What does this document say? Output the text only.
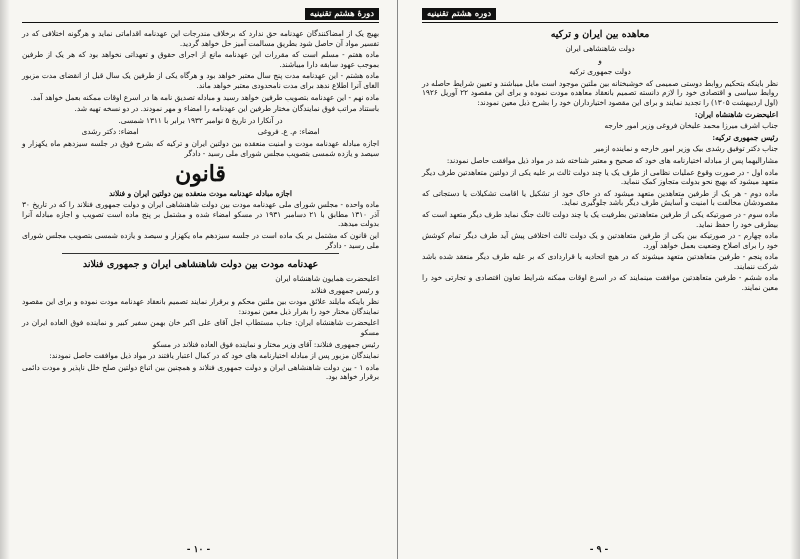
دورهٔ هشتم تقنینیه

بهیچ یک از امضاکنندگان عهدنامه حق ندارد که برخلاف مندرجات این عهدنامه اقداماتی نماید و هرگونه اختلافی که در تفسیر مواد آن حاصل شود بطریق مسالمت آمیز حل خواهد گردید.

ماده هفتم - مسلم است که مقررات این عهدنامه مانع از اجرای حقوق و تعهداتی نخواهد بود که هر یک از طرفین بموجب عهود سابقه دارا میباشند.

ماده هشتم - این عهدنامه مدت پنج سال معتبر خواهد بود و هرگاه یکی از طرفین یک سال قبل از انقضای مدت مزبور الغای آنرا اطلاع ندهد برای مدت نامحدودی معتبر خواهد ماند.

ماده نهم - این عهدنامه بتصویب طرفین خواهد رسید و مبادله تصدیق نامه ها در اسرع اوقات ممکنه بعمل خواهد آمد.

باستناد مراتب فوق نمایندگان مختار طرفین این عهدنامه را امضاء و مهر نمودند. در دو نسخه تهیه شد.

در آنکارا در تاریخ ۵ نوامبر ۱۹۳۲ برابر با ۱۳۱۱ شمسی.

امضاء: م. ع. فروغی
امضاء: دکتر رشدی

اجازه مبادله عهدنامه مودت و امنیت منعقده بین دولتین ایران و ترکیه که بشرح فوق در جلسه سیزدهم ماه یکهزار و سیصد و یازده شمسی بتصویب مجلس شورای ملی رسید - دادگر

قانون

اجازه مبادله عهدنامه مودت منعقده بین دولتین ایران و فنلاند

ماده واحده - مجلس شورای ملی عهدنامه مودت بین دولت شاهنشاهی ایران و دولت جمهوری فنلاند را که در تاریخ ۳۰ آذر ۱۳۱۰ مطابق با ۲۱ دسامبر ۱۹۳۱ در مسکو امضاء شده و مشتمل بر پنج ماده است تصویب و اجازه مبادله آنرا بدولت میدهد.

این قانون که مشتمل بر یک ماده است در جلسه سیزدهم ماه یکهزار و سیصد و یازده شمسی بتصویب مجلس شورای ملی رسید - دادگر

عهدنامه مودت بین دولت شاهنشاهی ایران و جمهوری فنلاند

اعلیحضرت همایون شاهنشاه ایران

و رئیس جمهوری فنلاند

نظر باینکه مایلند علائق مودت بین ملتین محکم و برقرار نمایند تصمیم بانعقاد عهدنامه مودت نموده و برای این مقصود نمایندگان مختار خود را بقرار ذیل معین نمودند:

اعلیحضرت شاهنشاه ایران: جناب مستطاب اجل آقای علی اکبر خان بهمن سفیر کبیر و نماینده فوق العاده ایران در مسکو

رئیس جمهوری فنلاند: آقای وزیر مختار و نماینده فوق العاده فنلاند در مسکو

نمایندگان مزبور پس از مبادله اختیارنامه های خود که در کمال اعتبار یافتند در مواد ذیل موافقت حاصل نمودند:

ماده ۱ - بین دولت شاهنشاهی ایران و دولت جمهوری فنلاند و همچنین بین اتباع دولتین صلح خلل ناپذیر و مودت دائمی برقرار خواهد بود.

- ۱۰ -
دوره هشتم تقنینیه
معاهده بین ایران و ترکیه

دولت شاهنشاهی ایران

و

دولت جمهوری ترکیه

نظر باینکه بتحکیم روابط دوستی صمیمی که خوشبختانه بین ملتین موجود است مایل میباشند و تعیین شرایط حاصله در روابط سیاسی و اقتصادی خود را لازم دانسته تصمیم بانعقاد معاهده مودت نموده و برای این مقصود ۲۲ آوریل ۱۹۲۶ (اول اردیبهشت ۱۳۰۵) را تجدید نمایند و برای این مقصود اختیارداران خود را بشرح ذیل معین نمودند:

اعلیحضرت شاهنشاه ایران:

جناب اشرف میرزا محمد علیخان فروغی وزیر امور خارجه

رئیس جمهوری ترکیه:

جناب دکتر توفیق رشدی بیک وزیر امور خارجه و نماینده ازمیر

مشارالیهما پس از مبادله اختیارنامه های خود که صحیح و معتبر شناخته شد در مواد ذیل موافقت حاصل نمودند:

ماده اول - در صورت وقوع عملیات نظامی از طرف یک یا چند دولت ثالث بر علیه یکی از دولتین متعاهدتین طرف دیگر متعهد میشود که بهیچ نحو بدولت متجاوز کمک ننماید.

ماده دوم - هر یک از طرفین متعاهدین متعهد میشود که در خاک خود از تشکیل یا اقامت تشکیلات یا دستجاتی که مقصودشان مخالفت با امنیت و آسایش طرف دیگر باشد جلوگیری نماید.

ماده سوم - در صورتیکه یکی از طرفین متعاهدتین بطرفیت یک یا چند دولت ثالث جنگ نماید طرف دیگر متعهد است که بیطرفی خود را حفظ نماید.

ماده چهارم - در صورتیکه بین یکی از طرفین متعاهدتین و یک دولت ثالث اختلافی پیش آید طرف دیگر تمام کوشش خود را برای اصلاح وضعیت بعمل خواهد آورد.

ماده پنجم - طرفین متعاهدتین متعهد میشوند که در هیچ اتحادیه یا قراردادی که بر علیه طرف دیگر منعقد شده باشد شرکت ننمایند.

ماده ششم - طرفین متعاهدتین موافقت مینمایند که در اسرع اوقات ممکنه شرایط تعاون اقتصادی و تجارتی خود را معین نمایند.

- ۹ -
